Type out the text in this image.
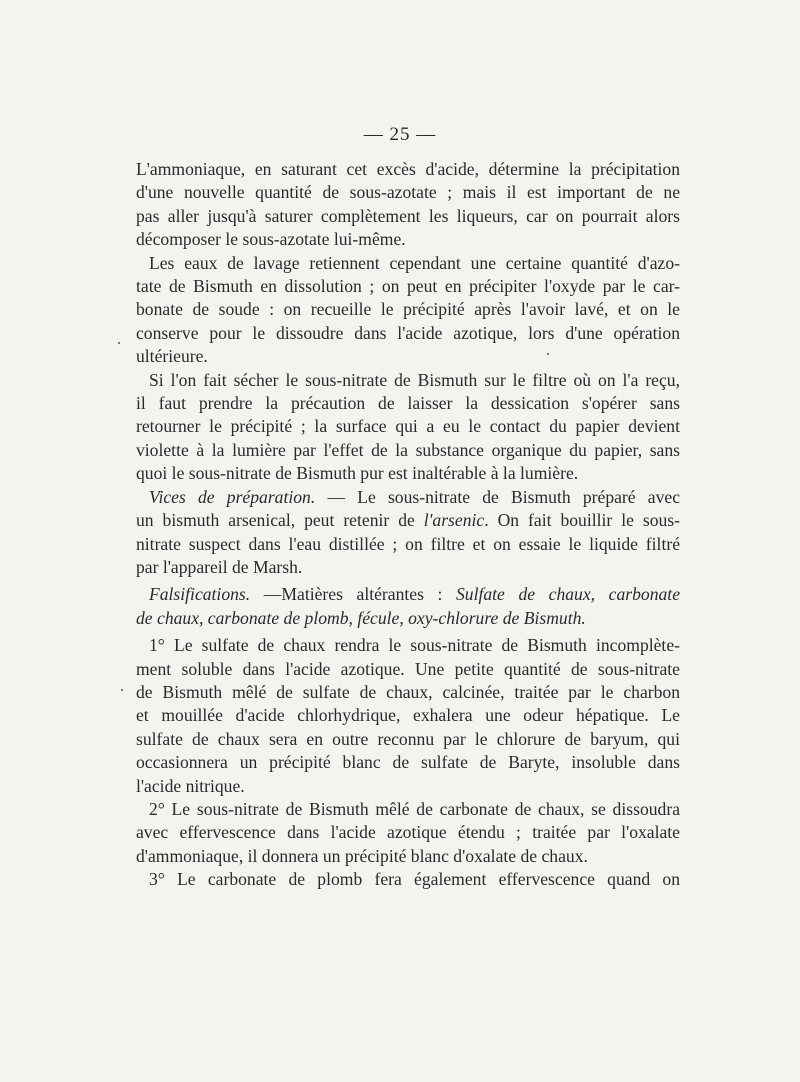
— 25 —

L'ammoniaque, en saturant cet excès d'acide, détermine la précipitation
d'une nouvelle quantité de sous-azotate ; mais il est important de ne
pas aller jusqu'à saturer complètement les liqueurs, car on pourrait alors
décomposer le sous-azotate lui-même.

Les eaux de lavage retiennent cependant une certaine quantité d'azo-
tate de Bismuth en dissolution ; on peut en précipiter l'oxyde par le car-
bonate de soude : on recueille le précipité après l'avoir lavé, et on le
conserve pour le dissoudre dans l'acide azotique, lors d'une opération
ultérieure.

Si l'on fait sécher le sous-nitrate de Bismuth sur le filtre où on l'a reçu,
il faut prendre la précaution de laisser la dessication s'opérer sans
retourner le précipité ; la surface qui a eu le contact du papier devient
violette à la lumière par l'effet de la substance organique du papier, sans
quoi le sous-nitrate de Bismuth pur est inaltérable à la lumière.

Vices de préparation. — Le sous-nitrate de Bismuth préparé avec
un bismuth arsenical, peut retenir de l'arsenic. On fait bouillir le sous-
nitrate suspect dans l'eau distillée ; on filtre et on essaie le liquide filtré
par l'appareil de Marsh.

Falsifications. —Matières altérantes : Sulfate de chaux, carbonate
de chaux, carbonate de plomb, fécule, oxy-chlorure de Bismuth.

1° Le sulfate de chaux rendra le sous-nitrate de Bismuth incomplète-
ment soluble dans l'acide azotique. Une petite quantité de sous-nitrate
de Bismuth mêlé de sulfate de chaux, calcinée, traitée par le charbon
et mouillée d'acide chlorhydrique, exhalera une odeur hépatique. Le
sulfate de chaux sera en outre reconnu par le chlorure de baryum, qui
occasionnera un précipité blanc de sulfate de Baryte, insoluble dans
l'acide nitrique.

2° Le sous-nitrate de Bismuth mêlé de carbonate de chaux, se dissoudra
avec effervescence dans l'acide azotique étendu ; traitée par l'oxalate
d'ammoniaque, il donnera un précipité blanc d'oxalate de chaux.

3° Le carbonate de plomb fera également effervescence quand on
